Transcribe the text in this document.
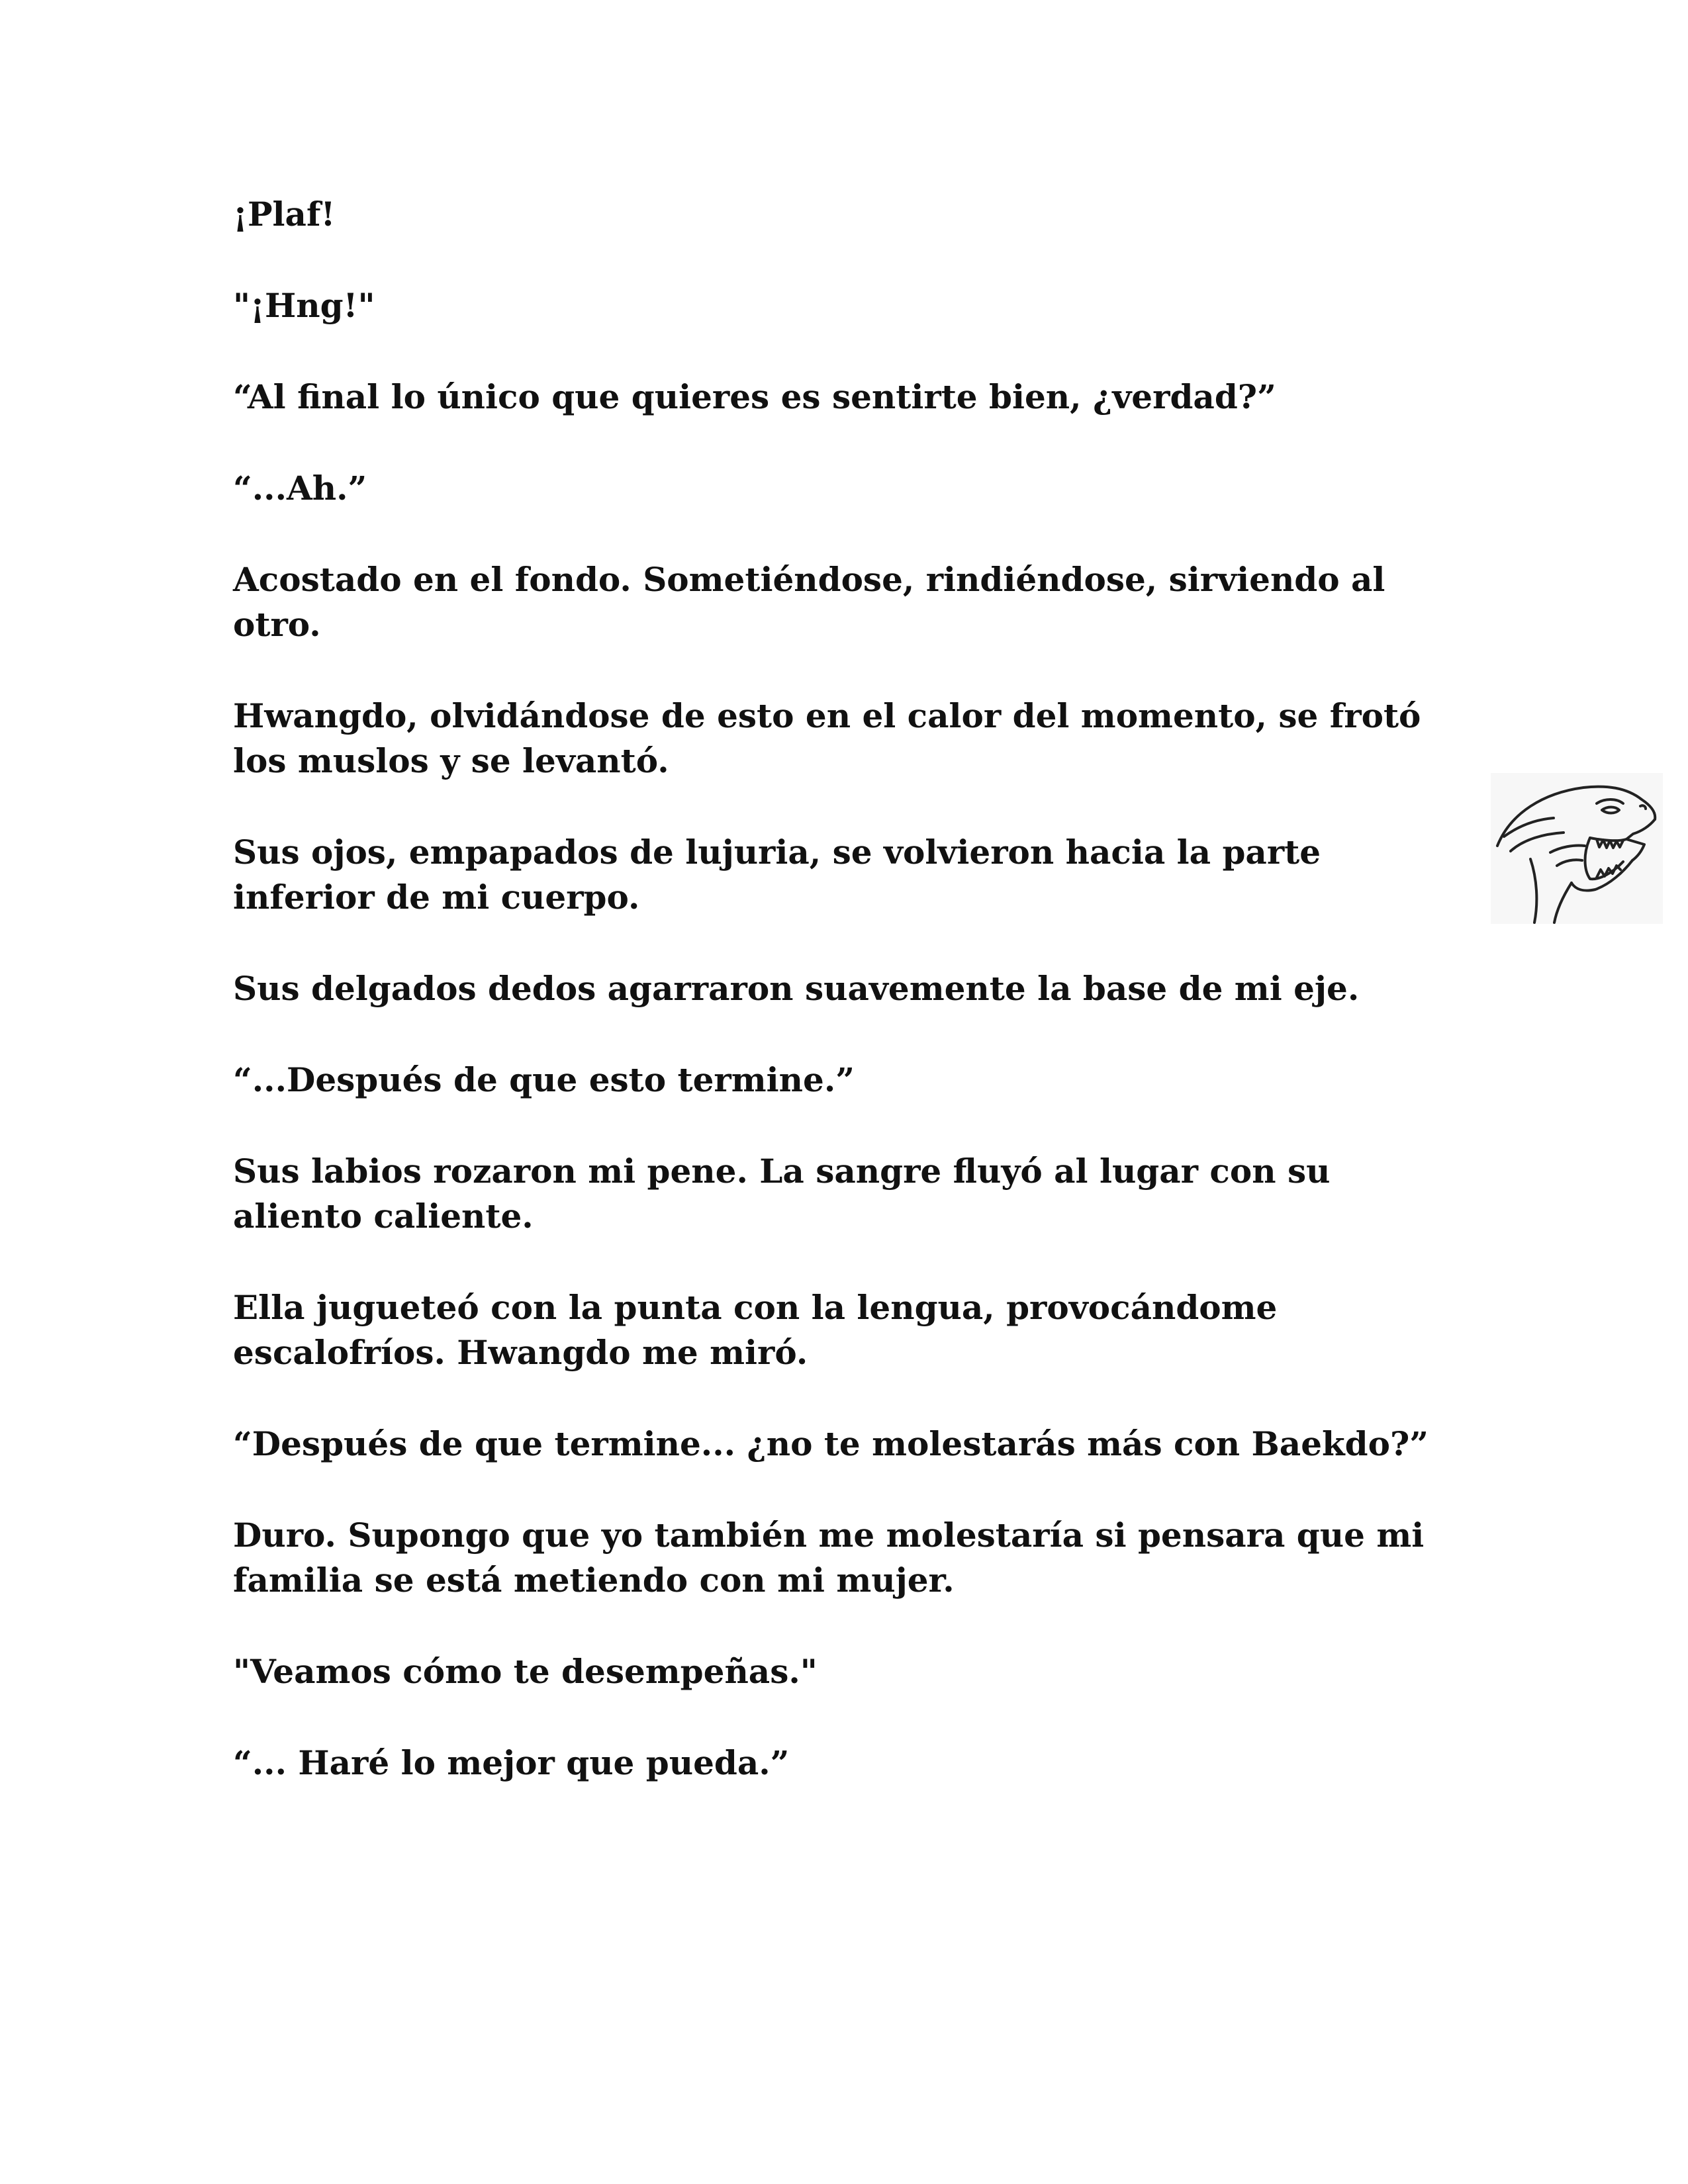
¡Plaf!

"¡Hng!"

“Al final lo único que quieres es sentirte bien, ¿verdad?”

“...Ah.”

Acostado en el fondo. Sometiéndose, rindiéndose, sirviendo al otro.

Hwangdo, olvidándose de esto en el calor del momento, se frotó los muslos y se levantó.

Sus ojos, empapados de lujuria, se volvieron hacia la parte inferior de mi cuerpo.

Sus delgados dedos agarraron suavemente la base de mi eje.

“...Después de que esto termine.”

Sus labios rozaron mi pene. La sangre fluyó al lugar con su aliento caliente.

Ella jugueteó con la punta con la lengua, provocándome escalofríos. Hwangdo me miró.

“Después de que termine... ¿no te molestarás más con Baekdo?”

Duro. Supongo que yo también me molestaría si pensara que mi familia se está metiendo con mi mujer.

"Veamos cómo te desempeñas."

“... Haré lo mejor que pueda.”
